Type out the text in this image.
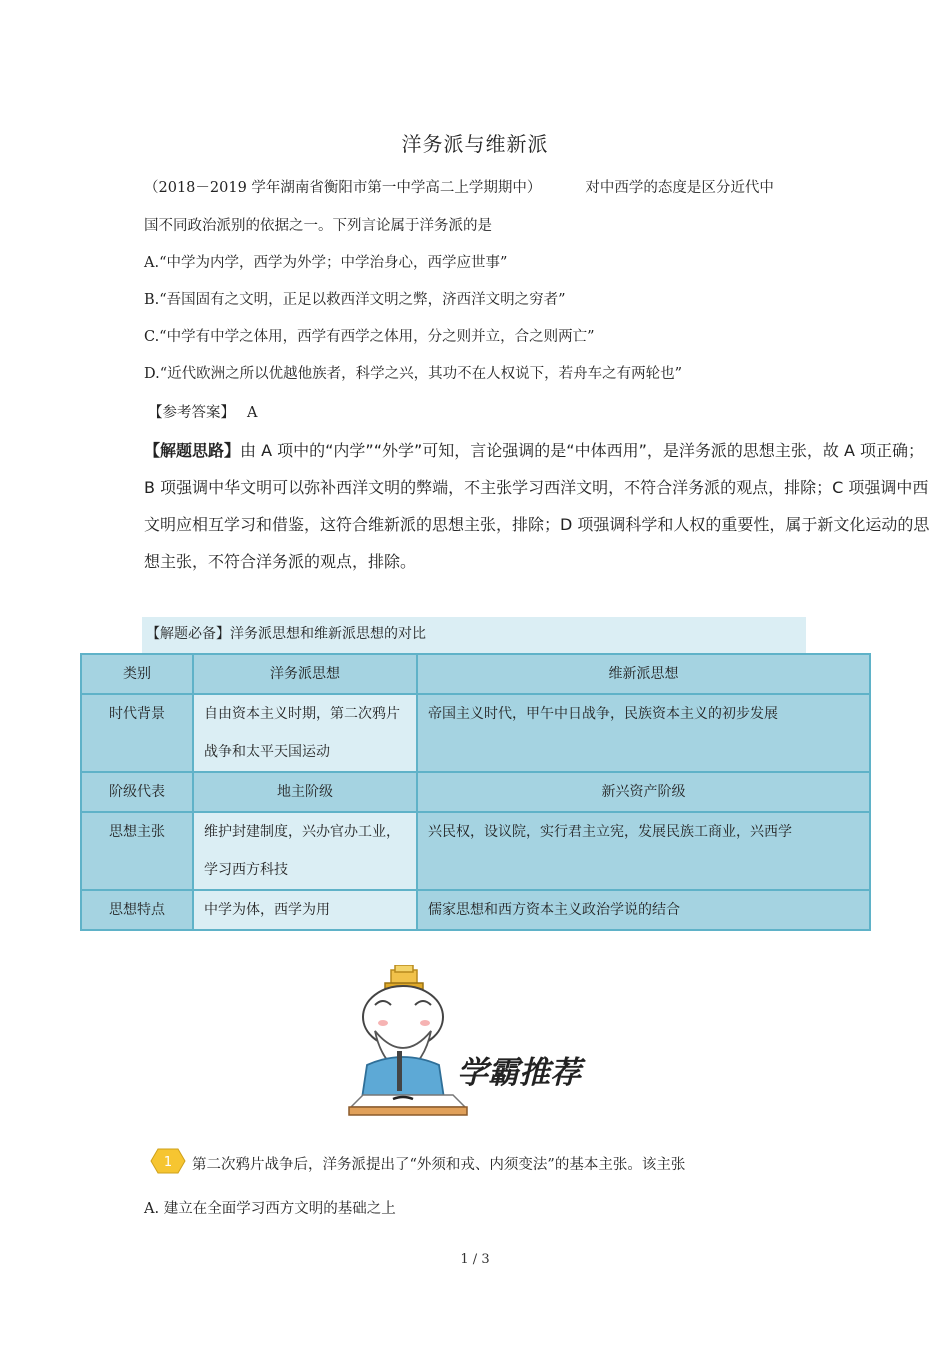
洋务派与维新派
（2018－2019 学年湖南省衡阳市第一中学高二上学期期中）	对中西学的态度是区分近代中
国不同政治派别的依据之一。下列言论属于洋务派的是
A.“中学为内学，西学为外学；中学治身心，西学应世事”
B.“吾国固有之文明，正足以救西洋文明之弊，济西洋文明之穷者”
C.“中学有中学之体用，西学有西学之体用，分之则并立，合之则两亡”
D.“近代欧洲之所以优越他族者，科学之兴，其功不在人权说下，若舟车之有两轮也”
【参考答案】 A
【解题思路】由 A 项中的“内学”“外学”可知，言论强调的是“中体西用”，是洋务派的思想主张，故 A 项正确；B 项强调中华文明可以弥补西洋文明的弊端，不主张学习西洋文明，不符合洋务派的观点，排除；C 项强调中西文明应相互学习和借鉴，这符合维新派的思想主张，排除；D 项强调科学和人权的重要性，属于新文化运动的思想主张，不符合洋务派的观点，排除。
【解题必备】洋务派思想和维新派思想的对比
类别	洋务派思想	维新派思想
时代背景	自由资本主义时期，第二次鸦片战争和太平天国运动	帝国主义时代，甲午中日战争，民族资本主义的初步发展
阶级代表	地主阶级	新兴资产阶级
思想主张	维护封建制度，兴办官办工业，学习西方科技	兴民权，设议院，实行君主立宪，发展民族工商业，兴西学
思想特点	中学为体，西学为用	儒家思想和西方资本主义政治学说的结合
学霸推荐
1 第二次鸦片战争后，洋务派提出了“外须和戎、内须变法”的基本主张。该主张
A. 建立在全面学习西方文明的基础之上
1 / 3
